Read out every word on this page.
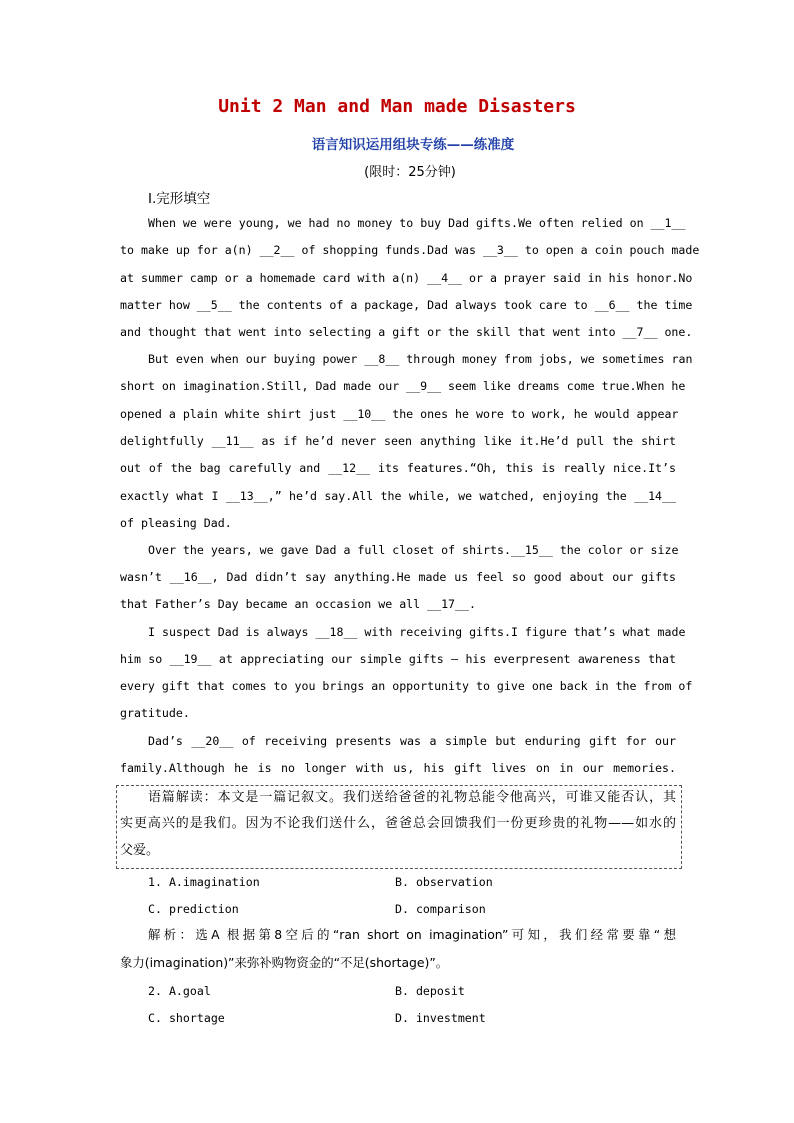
Unit 2 Man and Man made Disasters
语言知识运用组块专练——练准度
(限时：25分钟)
Ⅰ.完形填空
When we were young, we had no money to buy Dad gifts.We often relied on __1__
to make up for a(n) __2__ of shopping funds.Dad was __3__ to open a coin pouch made
at summer camp or a homemade card with a(n) __4__ or a prayer said in his honor.No
matter how __5__ the contents of a package, Dad always took care to __6__ the time
and thought that went into selecting a gift or the skill that went into __7__ one.
But even when our buying power __8__ through money from jobs, we sometimes ran
short on imagination.Still, Dad made our __9__ seem like dreams come true.When he
opened a plain white shirt just __10__ the ones he wore to work, he would appear
delightfully __11__ as if he’d never seen anything like it.He’d pull the shirt
out of the bag carefully and __12__ its features.“Oh, this is really nice.It’s
exactly what I __13__,” he’d say.All the while, we watched, enjoying the __14__
of pleasing Dad.
Over the years, we gave Dad a full closet of shirts.__15__ the color or size
wasn’t __16__, Dad didn’t say anything.He made us feel so good about our gifts
that Father’s Day became an occasion we all __17__.
I suspect Dad is always __18__ with receiving gifts.I figure that’s what made
him so __19__ at appreciating our simple gifts — his everpresent awareness that
every gift that comes to you brings an opportunity to give one back in the from of
gratitude.
Dad’s __20__ of receiving presents was a simple but enduring gift for our
family.Although he is no longer with us, his gift lives on in our memories.
语篇解读：本文是一篇记叙文。我们送给爸爸的礼物总能令他高兴，可谁又能否认，其
实更高兴的是我们。因为不论我们送什么，爸爸总会回馈我们一份更珍贵的礼物——如水的
父爱。
1. A.imagination	B. observation
C. prediction	D. comparison
解析：选A 根据第8空后的“ran short on imagination”可知，我们经常要靠“想
象力(imagination)”来弥补购物资金的“不足(shortage)”。
2. A.goal	B. deposit
C. shortage	D. investment
